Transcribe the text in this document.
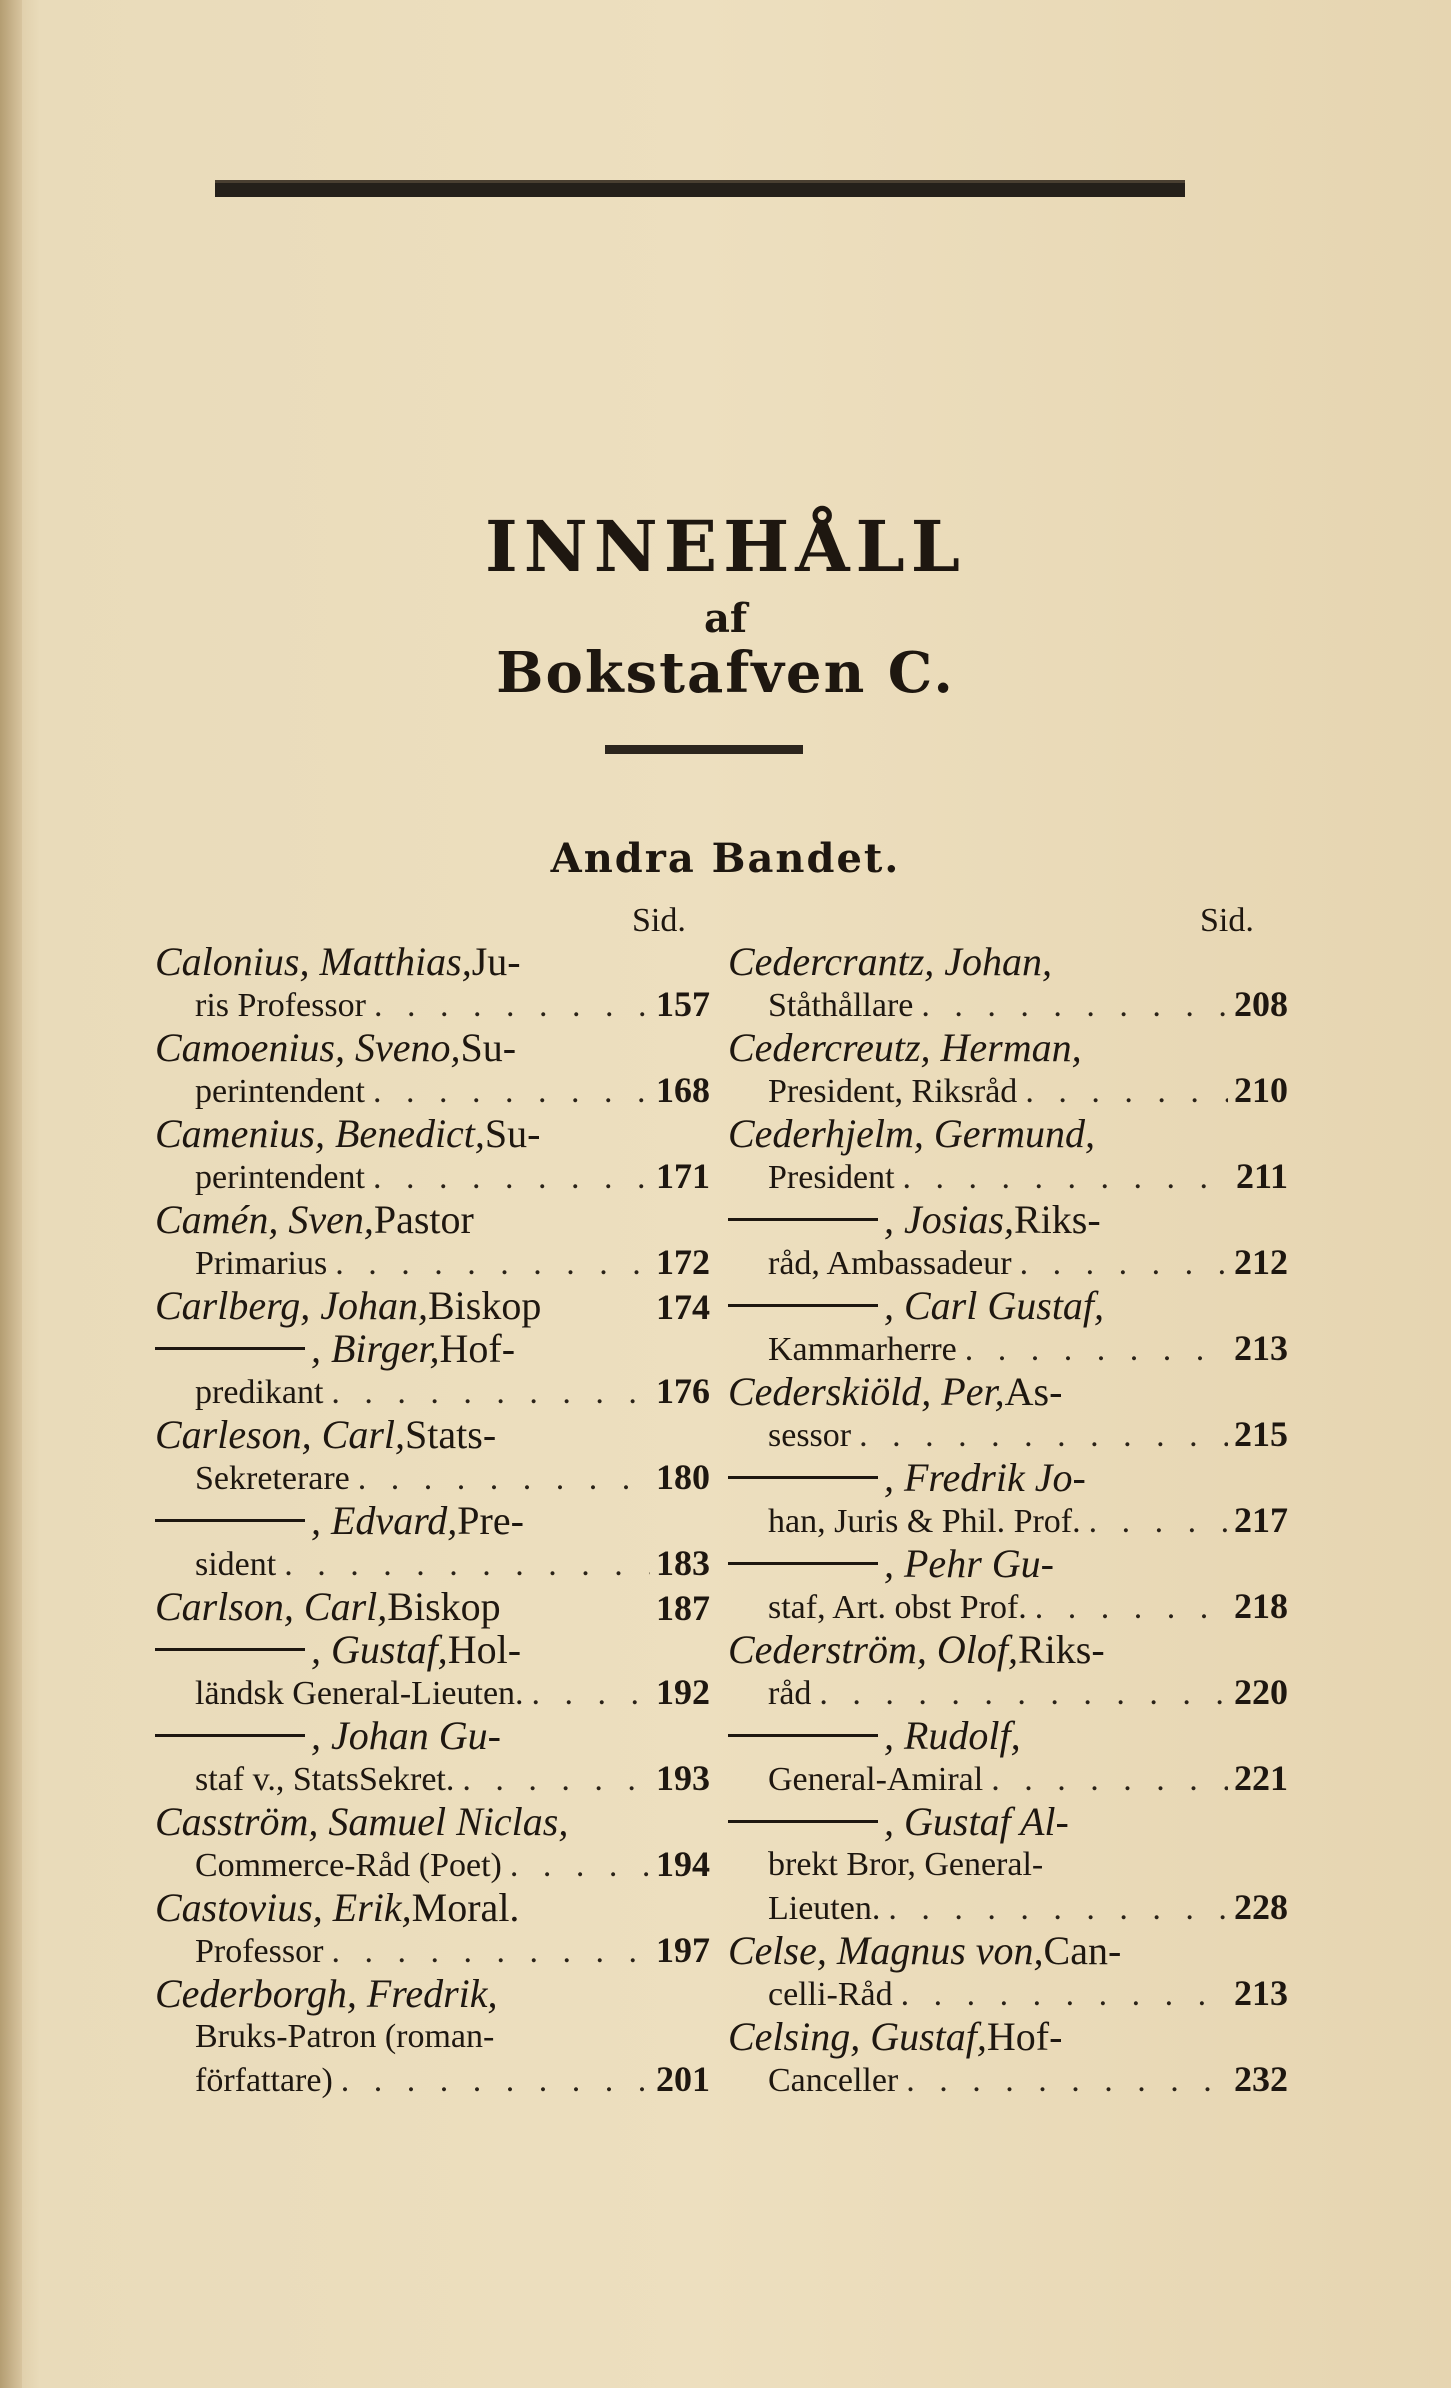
INNEHÅLL
af
Bokstafven C.
Andra Bandet.
Sid.	Sid.
Calonius, Matthias, Ju-
ris Professor . . .	157
Camoenius, Sveno, Su-
perintendent . . .	168
Camenius, Benedict, Su-
perintendent . . .	171
Camén, Sven, Pastor
Primarius . . .	172
Carlberg, Johan, Biskop	174
, Birger, Hof-
predikant . . .	176
Carleson, Carl, Stats-
Sekreterare . . .	180
, Edvard, Pre-
sident . . .	183
Carlson, Carl, Biskop	187
, Gustaf, Hol-
ländsk General-Lieuten. . . .	192
, Johan Gu-
staf v., StatsSekret. . . .	193
Casström, Samuel Niclas,
Commerce-Råd (Poet) . . .	194
Castovius, Erik, Moral.
Professor . . .	197
Cederborgh, Fredrik,
Bruks-Patron (roman-
författare) . . .	201
Cedercrantz, Johan,
Ståthållare . . .	208
Cedercreutz, Herman,
President, Riksråd . . .	210
Cederhjelm, Germund,
President . . .	211
, Josias, Riks-
råd, Ambassadeur . . .	212
, Carl Gustaf,
Kammarherre . . .	213
Cederskiöld, Per, As-
sessor . . .	215
, Fredrik Jo-
han, Juris & Phil. Prof. . . .	217
, Pehr Gu-
staf, Art. obst Prof. . . .	218
Cederström, Olof, Riks-
råd . . .	220
, Rudolf,
General-Amiral . . .	221
, Gustaf Al-
brekt Bror, General-
Lieuten. . . .	228
Celse, Magnus von, Can-
celli-Råd . . .	213
Celsing, Gustaf, Hof-
Canceller . . .	232
